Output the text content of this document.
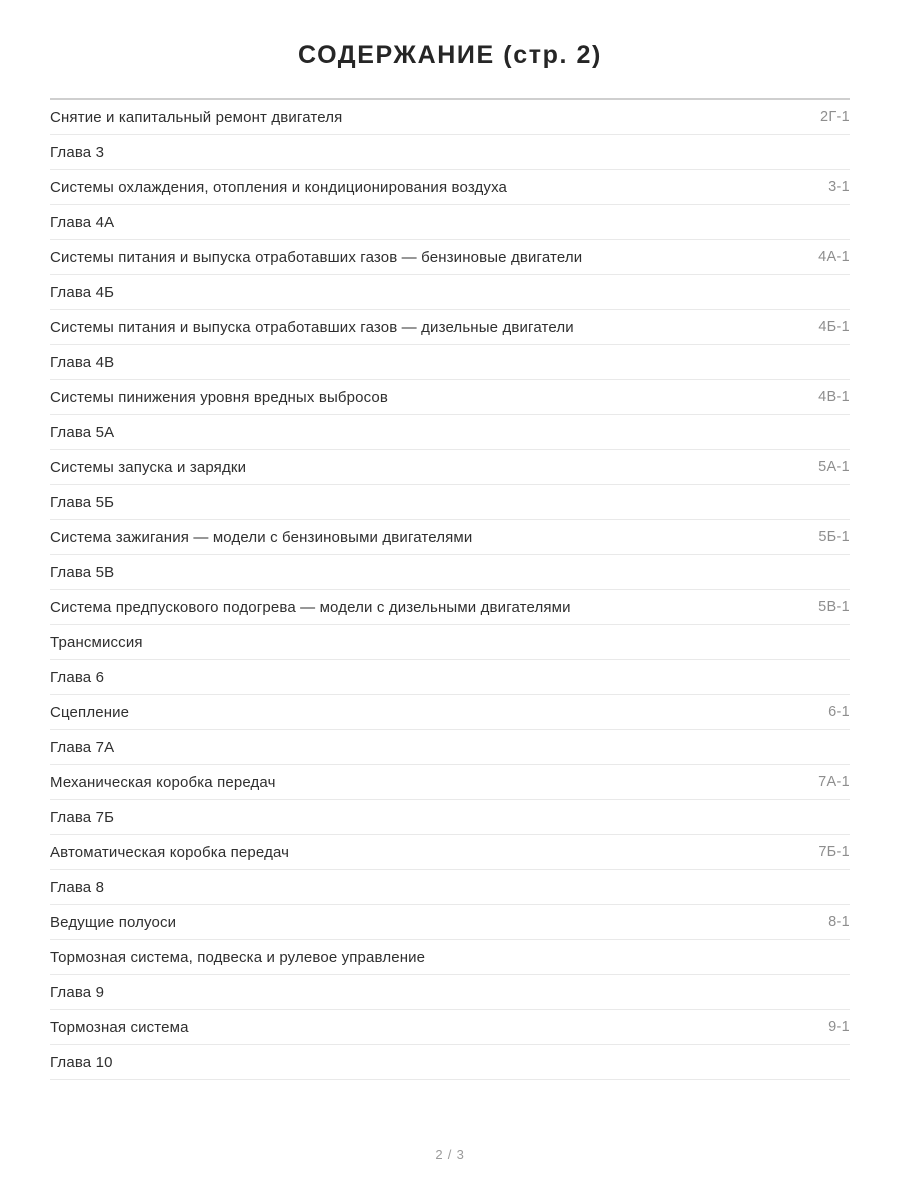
СОДЕРЖАНИЕ (стр. 2)
Снятие и капитальный ремонт двигателя	2Г-1
Глава 3	
Системы охлаждения, отопления и кондиционирования воздуха	3-1
Глава 4А	
Системы питания и выпуска отработавших газов — бензиновые двигатели	4А-1
Глава 4Б	
Системы питания и выпуска отработавших газов — дизельные двигатели	4Б-1
Глава 4В	
Системы пинижения уровня вредных выбросов	4В-1
Глава 5А	
Системы запуска и зарядки	5А-1
Глава 5Б	
Система зажигания — модели с бензиновыми двигателями	5Б-1
Глава 5В	
Система предпускового подогрева — модели с дизельными двигателями	5В-1
Трансмиссия	
Глава 6	
Сцепление	6-1
Глава 7А	
Механическая коробка передач	7А-1
Глава 7Б	
Автоматическая коробка передач	7Б-1
Глава 8	
Ведущие полуоси	8-1
Тормозная система, подвеска и рулевое управление	
Глава 9	
Тормозная система	9-1
Глава 10	
2 / 3
